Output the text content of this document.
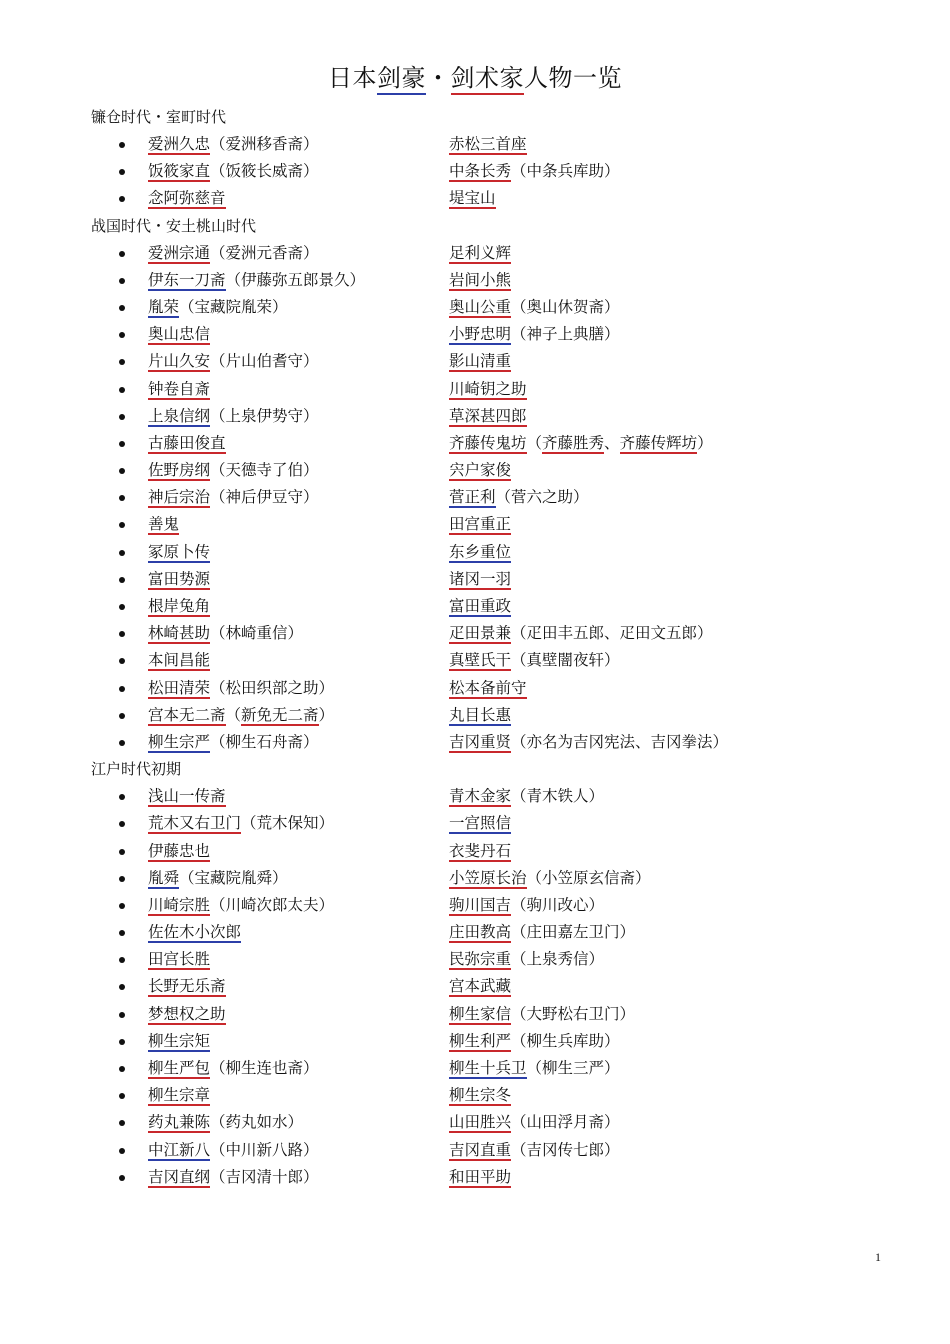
日本剑豪・剑术家人物一览
镰仓时代・室町时代
爱洲久忠（爱洲移香斋）	赤松三首座
饭筱家直（饭筱长威斋）	中条长秀（中条兵库助）
念阿弥慈音	堤宝山
战国时代・安土桃山时代
爱洲宗通（爱洲元香斋）	足利义辉
伊东一刀斋（伊藤弥五郎景久）	岩间小熊
胤荣（宝藏院胤荣）	奥山公重（奥山休贺斋）
奥山忠信	小野忠明（神子上典膳）
片山久安（片山伯耆守）	影山清重
钟卷自斎	川崎钥之助
上泉信纲（上泉伊势守）	草深甚四郎
古藤田俊直	齐藤传鬼坊（齐藤胜秀、齐藤传辉坊）
佐野房纲（天德寺了伯）	宍户家俊
神后宗治（神后伊豆守）	菅正利（菅六之助）
善鬼	田宫重正
冢原卜传	东乡重位
富田势源	诸冈一羽
根岸兔角	富田重政
林崎甚助（林崎重信）	疋田景兼（疋田丰五郎、疋田文五郎）
本间昌能	真壁氏干（真壁闇夜轩）
松田清荣（松田织部之助）	松本备前守
宫本无二斋（新免无二斋）	丸目长惠
柳生宗严（柳生石舟斋）	吉冈重贤（亦名为吉冈宪法、吉冈拳法）
江户时代初期
浅山一传斋	青木金家（青木铁人）
荒木又右卫门（荒木保知）	一宫照信
伊藤忠也	衣斐丹石
胤舜（宝藏院胤舜）	小笠原长治（小笠原玄信斋）
川崎宗胜（川崎次郎太夫）	驹川国吉（驹川改心）
佐佐木小次郎	庄田教高（庄田嘉左卫门）
田宫长胜	民弥宗重（上泉秀信）
长野无乐斋	宫本武藏
梦想权之助	柳生家信（大野松右卫门）
柳生宗矩	柳生利严（柳生兵库助）
柳生严包（柳生连也斋）	柳生十兵卫（柳生三严）
柳生宗章	柳生宗冬
药丸兼陈（药丸如水）	山田胜兴（山田浮月斋）
中江新八（中川新八路）	吉冈直重（吉冈传七郎）
吉冈直纲（吉冈清十郎）	和田平助
1
